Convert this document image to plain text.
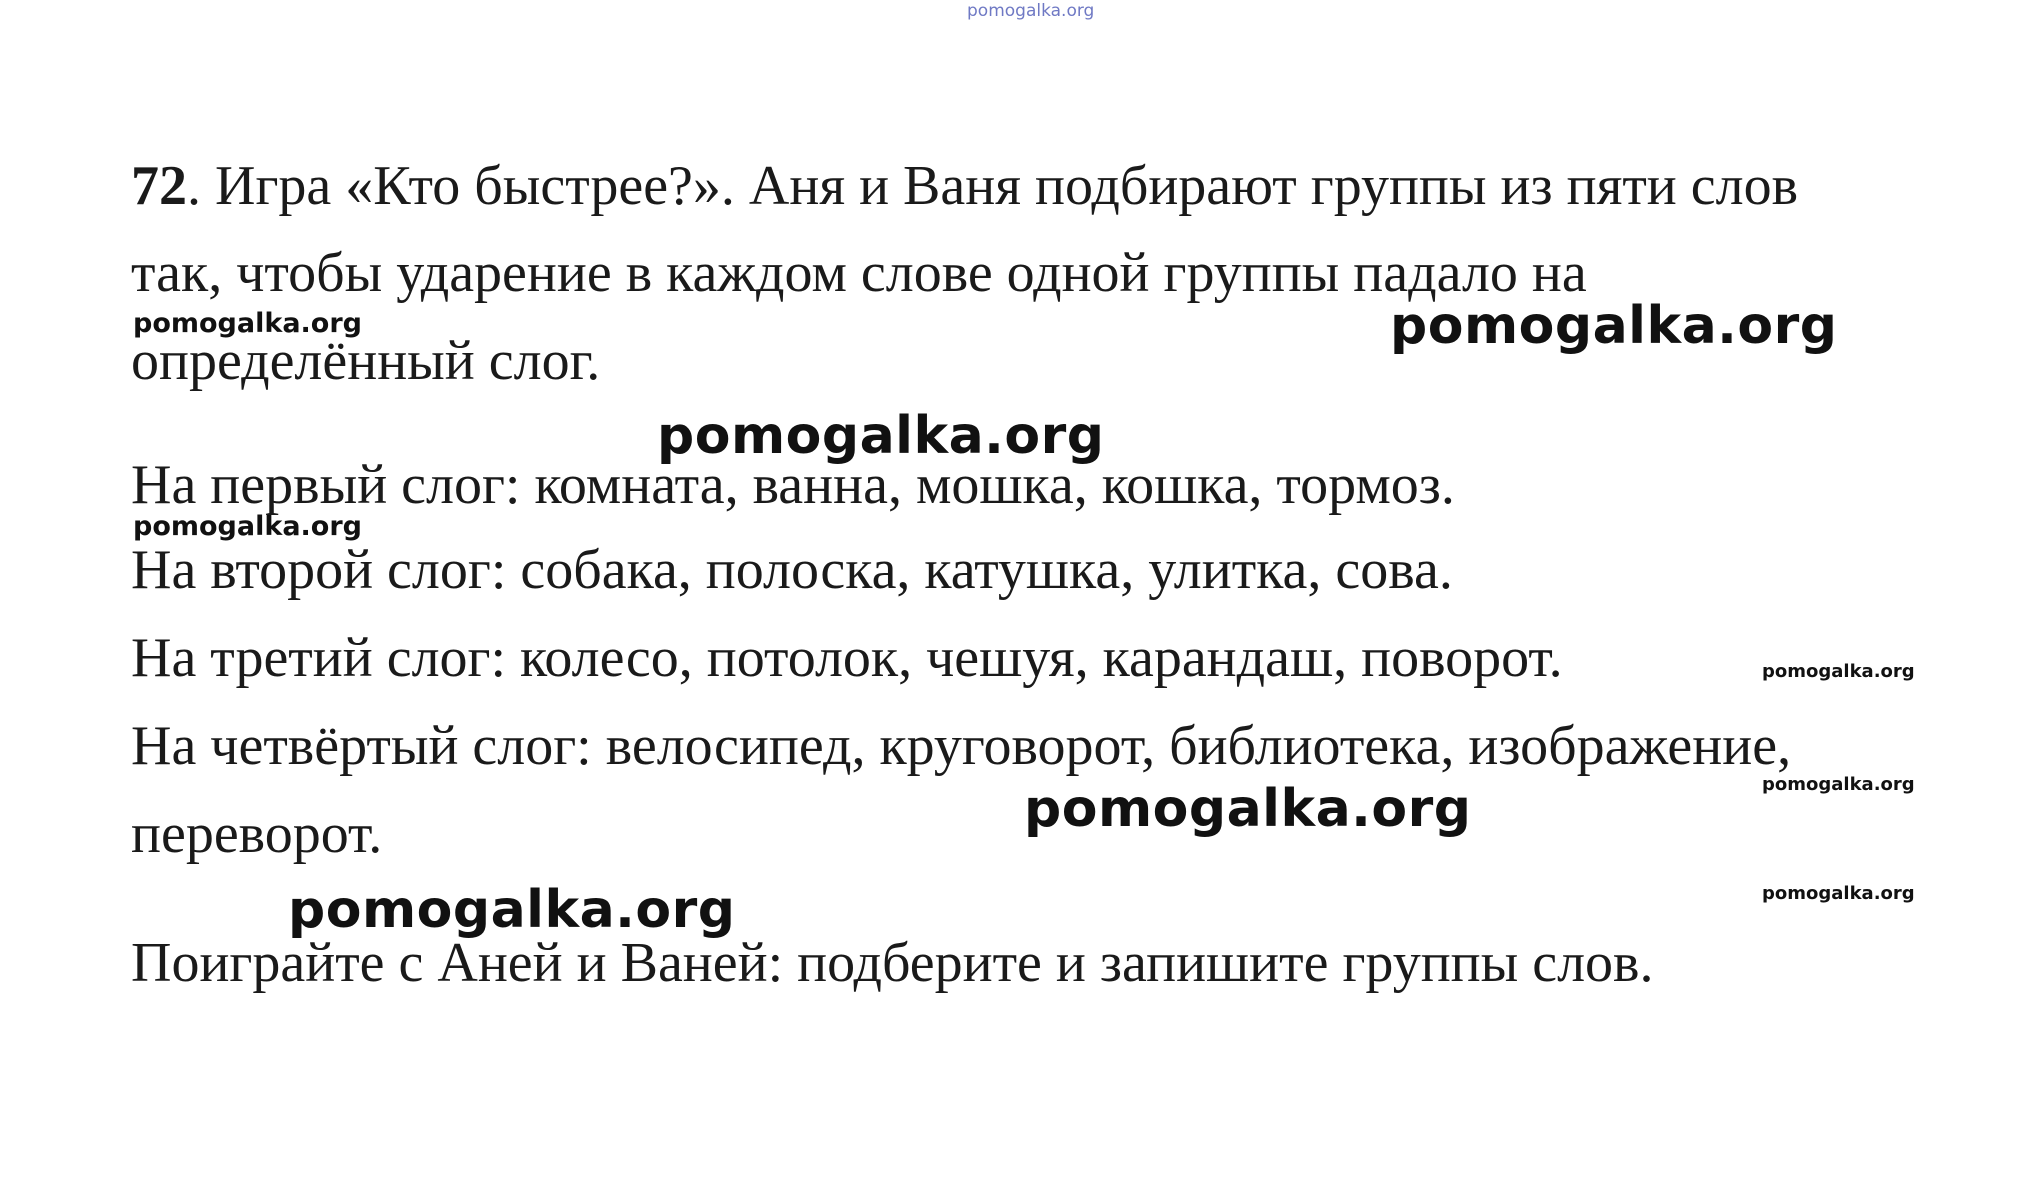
pomogalka.org
pomogalka.org	pomogalka.org
pomogalka.org
pomogalka.org
pomogalka.org
pomogalka.org
pomogalka.org
pomogalka.org
pomogalka.org

72. Игра «Кто быстрее?». Аня и Ваня подбирают группы из пяти слов

так, чтобы ударение в каждом слове одной группы падало на

определённый слог.

На первый слог: комната, ванна, мошка, кошка, тормоз.

На второй слог: собака, полоска, катушка, улитка, сова.

На третий слог: колесо, потолок, чешуя, карандаш, поворот.

На четвёртый слог: велосипед, круговорот, библиотека, изображение,

переворот.

Поиграйте с Аней и Ваней: подберите и запишите группы слов.
